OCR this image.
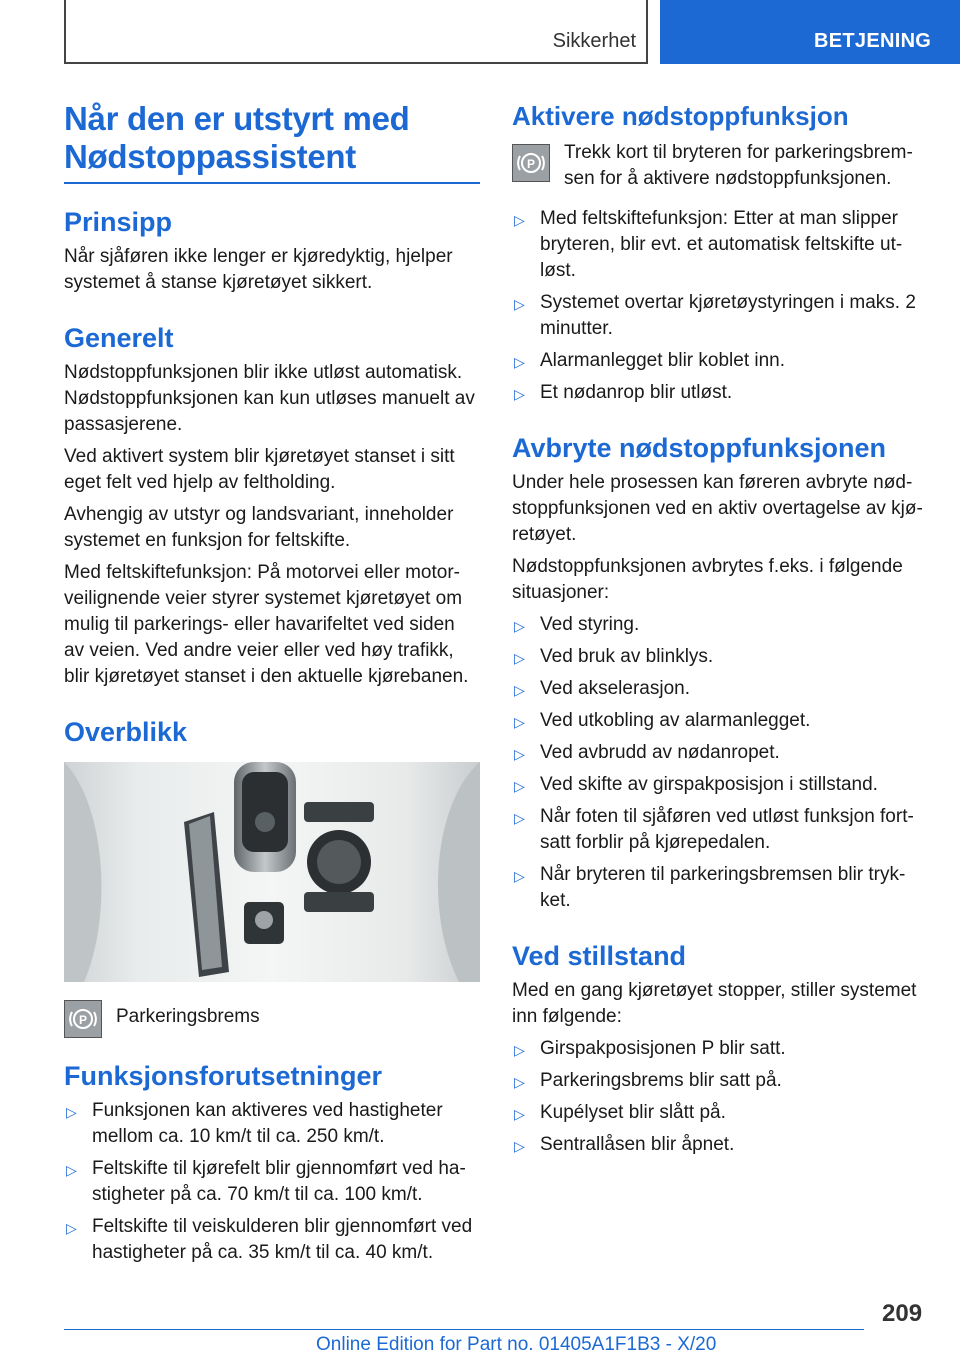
Sikkerhet	BETJENING
Når den er utstyrt med
Nødstoppassistent
Prinsipp

Når sjåføren ikke lenger er kjøredyktig, hjelper systemet å stanse kjøretøyet sikkert.

Generelt

Nødstoppfunksjonen blir ikke utløst automatisk. Nødstoppfunksjonen kan kun utløses manuelt av passasjerene.

Ved aktivert system blir kjøretøyet stanset i sitt eget felt ved hjelp av feltholding.

Avhengig av utstyr og landsvariant, inneholder systemet en funksjon for feltskifte.

Med feltskiftefunksjon: På motorvei eller motorveilignende veier styrer systemet kjøretøyet om mulig til parkerings- eller havarifeltet ved siden av veien. Ved andre veier eller ved høy trafikk, blir kjøretøyet stanset i den aktuelle kjørebanen.

Overblikk
P Parkeringsbrems
Funksjonsforutsetninger
▷ Funksjonen kan aktiveres ved hastigheter mellom ca. 10 km/t til ca. 250 km/t.
▷ Feltskifte til kjørefelt blir gjennomført ved hastigheter på ca. 70 km/t til ca. 100 km/t.
▷ Feltskifte til veiskulderen blir gjennomført ved hastigheter på ca. 35 km/t til ca. 40 km/t.
Aktivere nødstoppfunksjon
P
Trekk kort til bryteren for parkeringsbremsen for å aktivere nødstoppfunksjonen.
▷ Med feltskiftefunksjon: Etter at man slipper bryteren, blir evt. et automatisk feltskifte utløst.
▷ Systemet overtar kjøretøystyringen i maks. 2 minutter.
▷ Alarmanlegget blir koblet inn.
▷ Et nødanrop blir utløst.
Avbryte nødstoppfunksjonen

Under hele prosessen kan føreren avbryte nødstoppfunksjonen ved en aktiv overtagelse av kjøretøyet.

Nødstoppfunksjonen avbrytes f.eks. i følgende situasjoner:

▷ Ved styring.
▷ Ved bruk av blinklys.
▷ Ved akselerasjon.
▷ Ved utkobling av alarmanlegget.
▷ Ved avbrudd av nødanropet.
▷ Ved skifte av girspakposisjon i stillstand.
▷ Når foten til sjåføren ved utløst funksjon fortsatt forblir på kjørepedalen.
▷ Når bryteren til parkeringsbremsen blir trykket.
Ved stillstand

Med en gang kjøretøyet stopper, stiller systemet inn følgende:

▷ Girspakposisjonen P blir satt.
▷ Parkeringsbrems blir satt på.
▷ Kupélyset blir slått på.
▷ Sentrallåsen blir åpnet.
209
Online Edition for Part no. 01405A1F1B3 - X/20
